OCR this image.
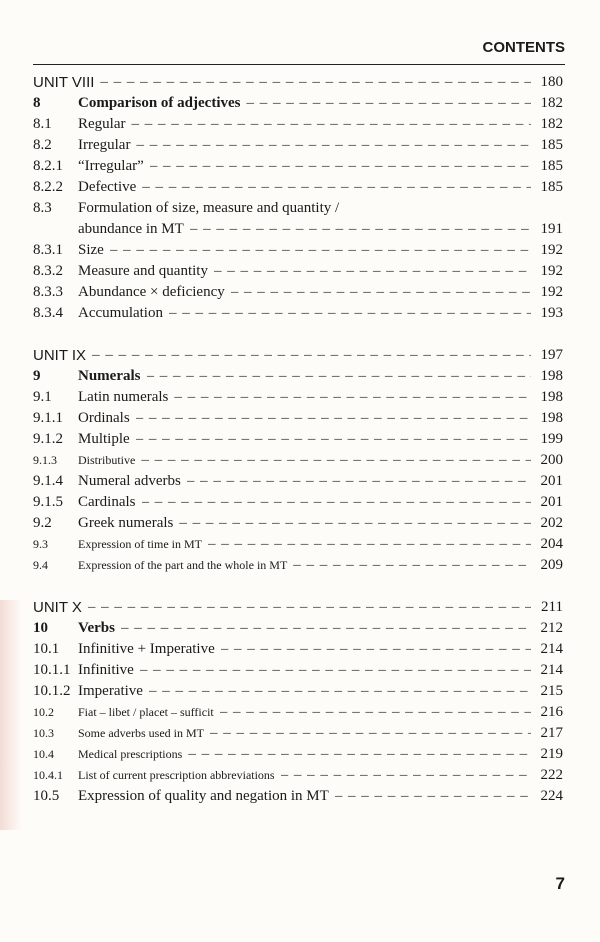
CONTENTS
UNIT VIII – – –	180
8	Comparison of adjectives – – –	182
8.1	Regular – – –	182
8.2	Irregular – – –	185
8.2.1	“Irregular” – – –	185
8.2.2	Defective – – –	185
8.3	Formulation of size, measure and quantity /
abundance in MT – – –	191
8.3.1	Size – – –	192
8.3.2	Measure and quantity – – –	192
8.3.3	Abundance × deficiency – – –	192
8.3.4	Accumulation – – –	193
UNIT IX – – –	197
9	Numerals – – –	198
9.1	Latin numerals – – –	198
9.1.1	Ordinals – – –	198
9.1.2	Multiple – – –	199
9.1.3	Distributive – – –	200
9.1.4	Numeral adverbs – – –	201
9.1.5	Cardinals – – –	201
9.2	Greek numerals – – –	202
9.3	Expression of time in MT – – –	204
9.4	Expression of the part and the whole in MT – – –	209
UNIT X – – –	211
10	Verbs – – –	212
10.1	Infinitive + Imperative – – –	214
10.1.1 Infinitive – – –	214
10.1.2 Imperative – – –	215
10.2	Fiat – libet / placet – sufficit – – –	216
10.3	Some adverbs used in MT – – –	217
10.4	Medical prescriptions – – –	219
10.4.1	List of current prescription abbreviations – – –	222
10.5	Expression of quality and negation in MT – – –	224
7
